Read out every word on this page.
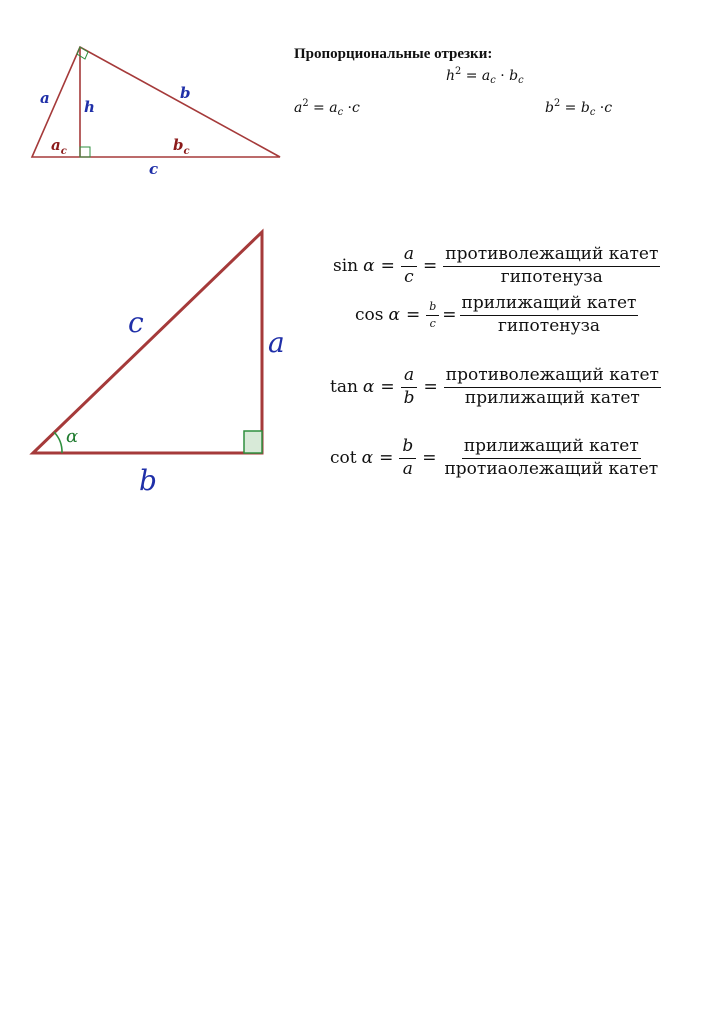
a h
b
$a_c$	$b_c$
c
Пропорциональные отрезки:
$h^2 = a_c \cdot b_c$
$a^2 = a_c \cdot c$	$b^2 = b_c \cdot c$
c
a
b
α
$\sin \alpha = \frac{a}{c} = \frac{\text{противолежащий катет}}{\text{гипотенуза}}$
$\cos \alpha = \frac{b}{c} = \frac{\text{прилижащий катет}}{\text{гипотенуза}}$
$\tan \alpha = \frac{a}{b} = \frac{\text{противолежащий катет}}{\text{прилижащий катет}}$
$\cot \alpha = \frac{b}{a} = \frac{\text{прилижащий катет}}{\text{протиаолежащий катет}}$
